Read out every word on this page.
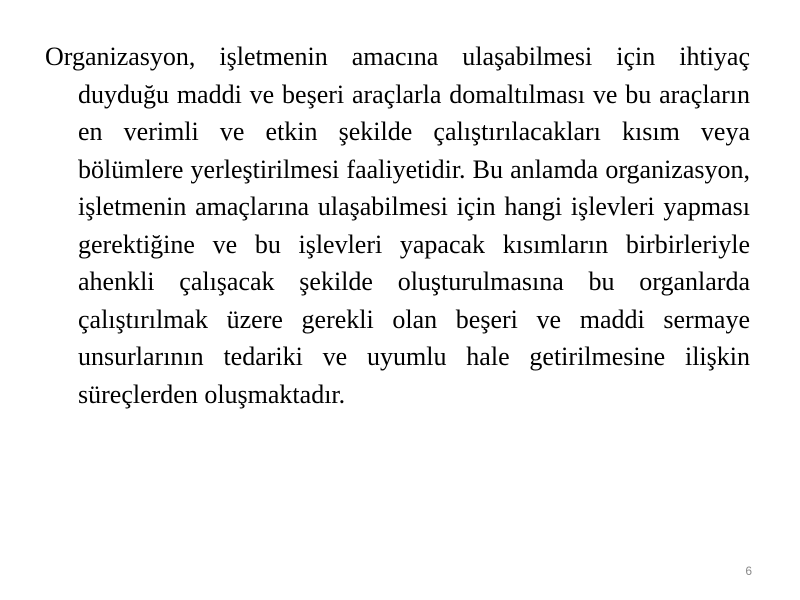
Organizasyon, işletmenin amacına ulaşabilmesi için ihtiyaç duyduğu maddi ve beşeri araçlarla domaltılması ve bu araçların en verimli ve etkin şekilde çalıştırılacakları kısım veya bölümlere yerleştirilmesi faaliyetidir. Bu anlamda organizasyon, işletmenin amaçlarına ulaşabilmesi için hangi işlevleri yapması gerektiğine ve bu işlevleri yapacak kısımların birbirleriyle ahenkli çalışacak şekilde oluşturulmasına bu organlarda çalıştırılmak üzere gerekli olan beşeri ve maddi sermaye unsurlarının tedariki ve uyumlu hale getirilmesine ilişkin süreçlerden oluşmaktadır.

6
